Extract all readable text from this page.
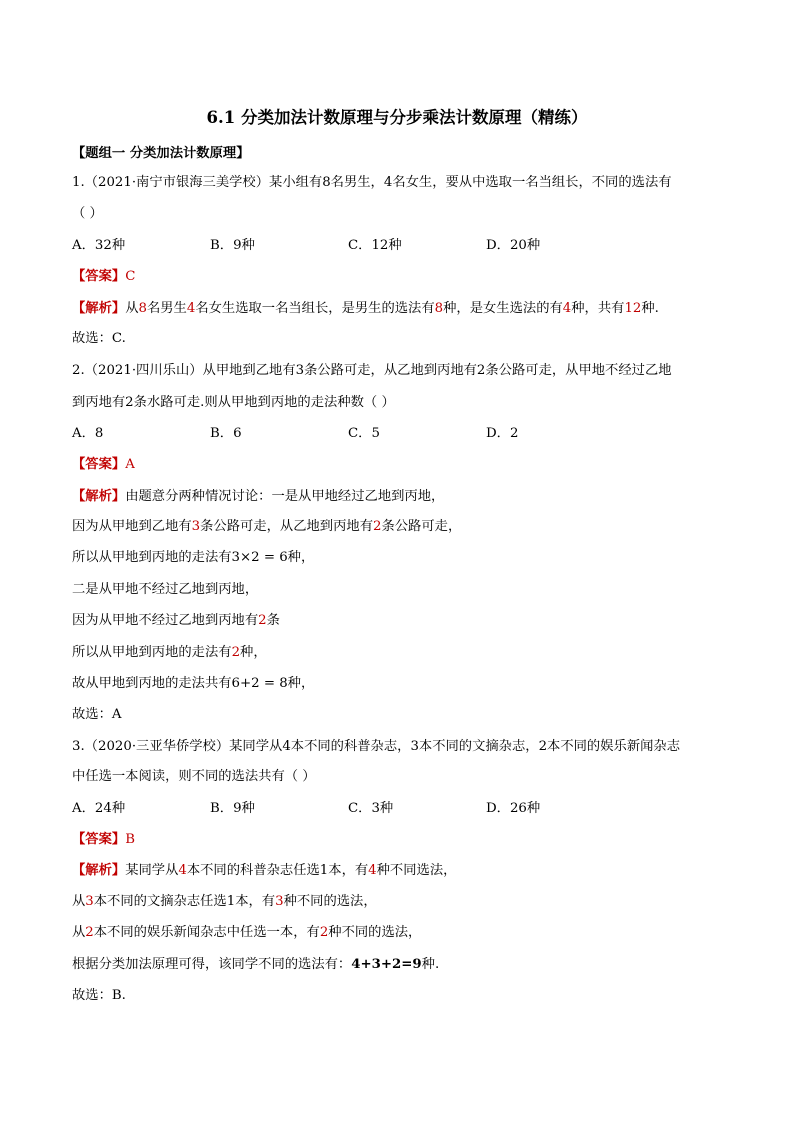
6.1 分类加法计数原理与分步乘法计数原理（精练）
【题组一 分类加法计数原理】
1.（2021·南宁市银海三美学校）某小组有8名男生，4名女生，要从中选取一名当组长，不同的选法有
（ ）
A．32种	B．9种	C．12种	D．20种
【答案】C
【解析】从8名男生4名女生选取一名当组长，是男生的选法有8种，是女生选法的有4种，共有12种.
故选：C.
2.（2021·四川乐山）从甲地到乙地有3条公路可走，从乙地到丙地有2条公路可走，从甲地不经过乙地
到丙地有2条水路可走.则从甲地到丙地的走法种数（ ）
A．8	B．6	C．5	D．2
【答案】A
【解析】由题意分两种情况讨论：一是从甲地经过乙地到丙地，
因为从甲地到乙地有3条公路可走，从乙地到丙地有2条公路可走，
所以从甲地到丙地的走法有3×2 = 6种，
二是从甲地不经过乙地到丙地，
因为从甲地不经过乙地到丙地有2条
所以从甲地到丙地的走法有2种，
故从甲地到丙地的走法共有6+2 = 8种，
故选：A
3.（2020·三亚华侨学校）某同学从4本不同的科普杂志，3本不同的文摘杂志，2本不同的娱乐新闻杂志
中任选一本阅读，则不同的选法共有（ ）
A．24种	B．9种	C．3种	D．26种
【答案】B
【解析】某同学从4本不同的科普杂志任选1本，有4种不同选法，
从3本不同的文摘杂志任选1本，有3种不同的选法，
从2本不同的娱乐新闻杂志中任选一本，有2种不同的选法，
根据分类加法原理可得，该同学不同的选法有：4+3+2=9种.
故选：B.
